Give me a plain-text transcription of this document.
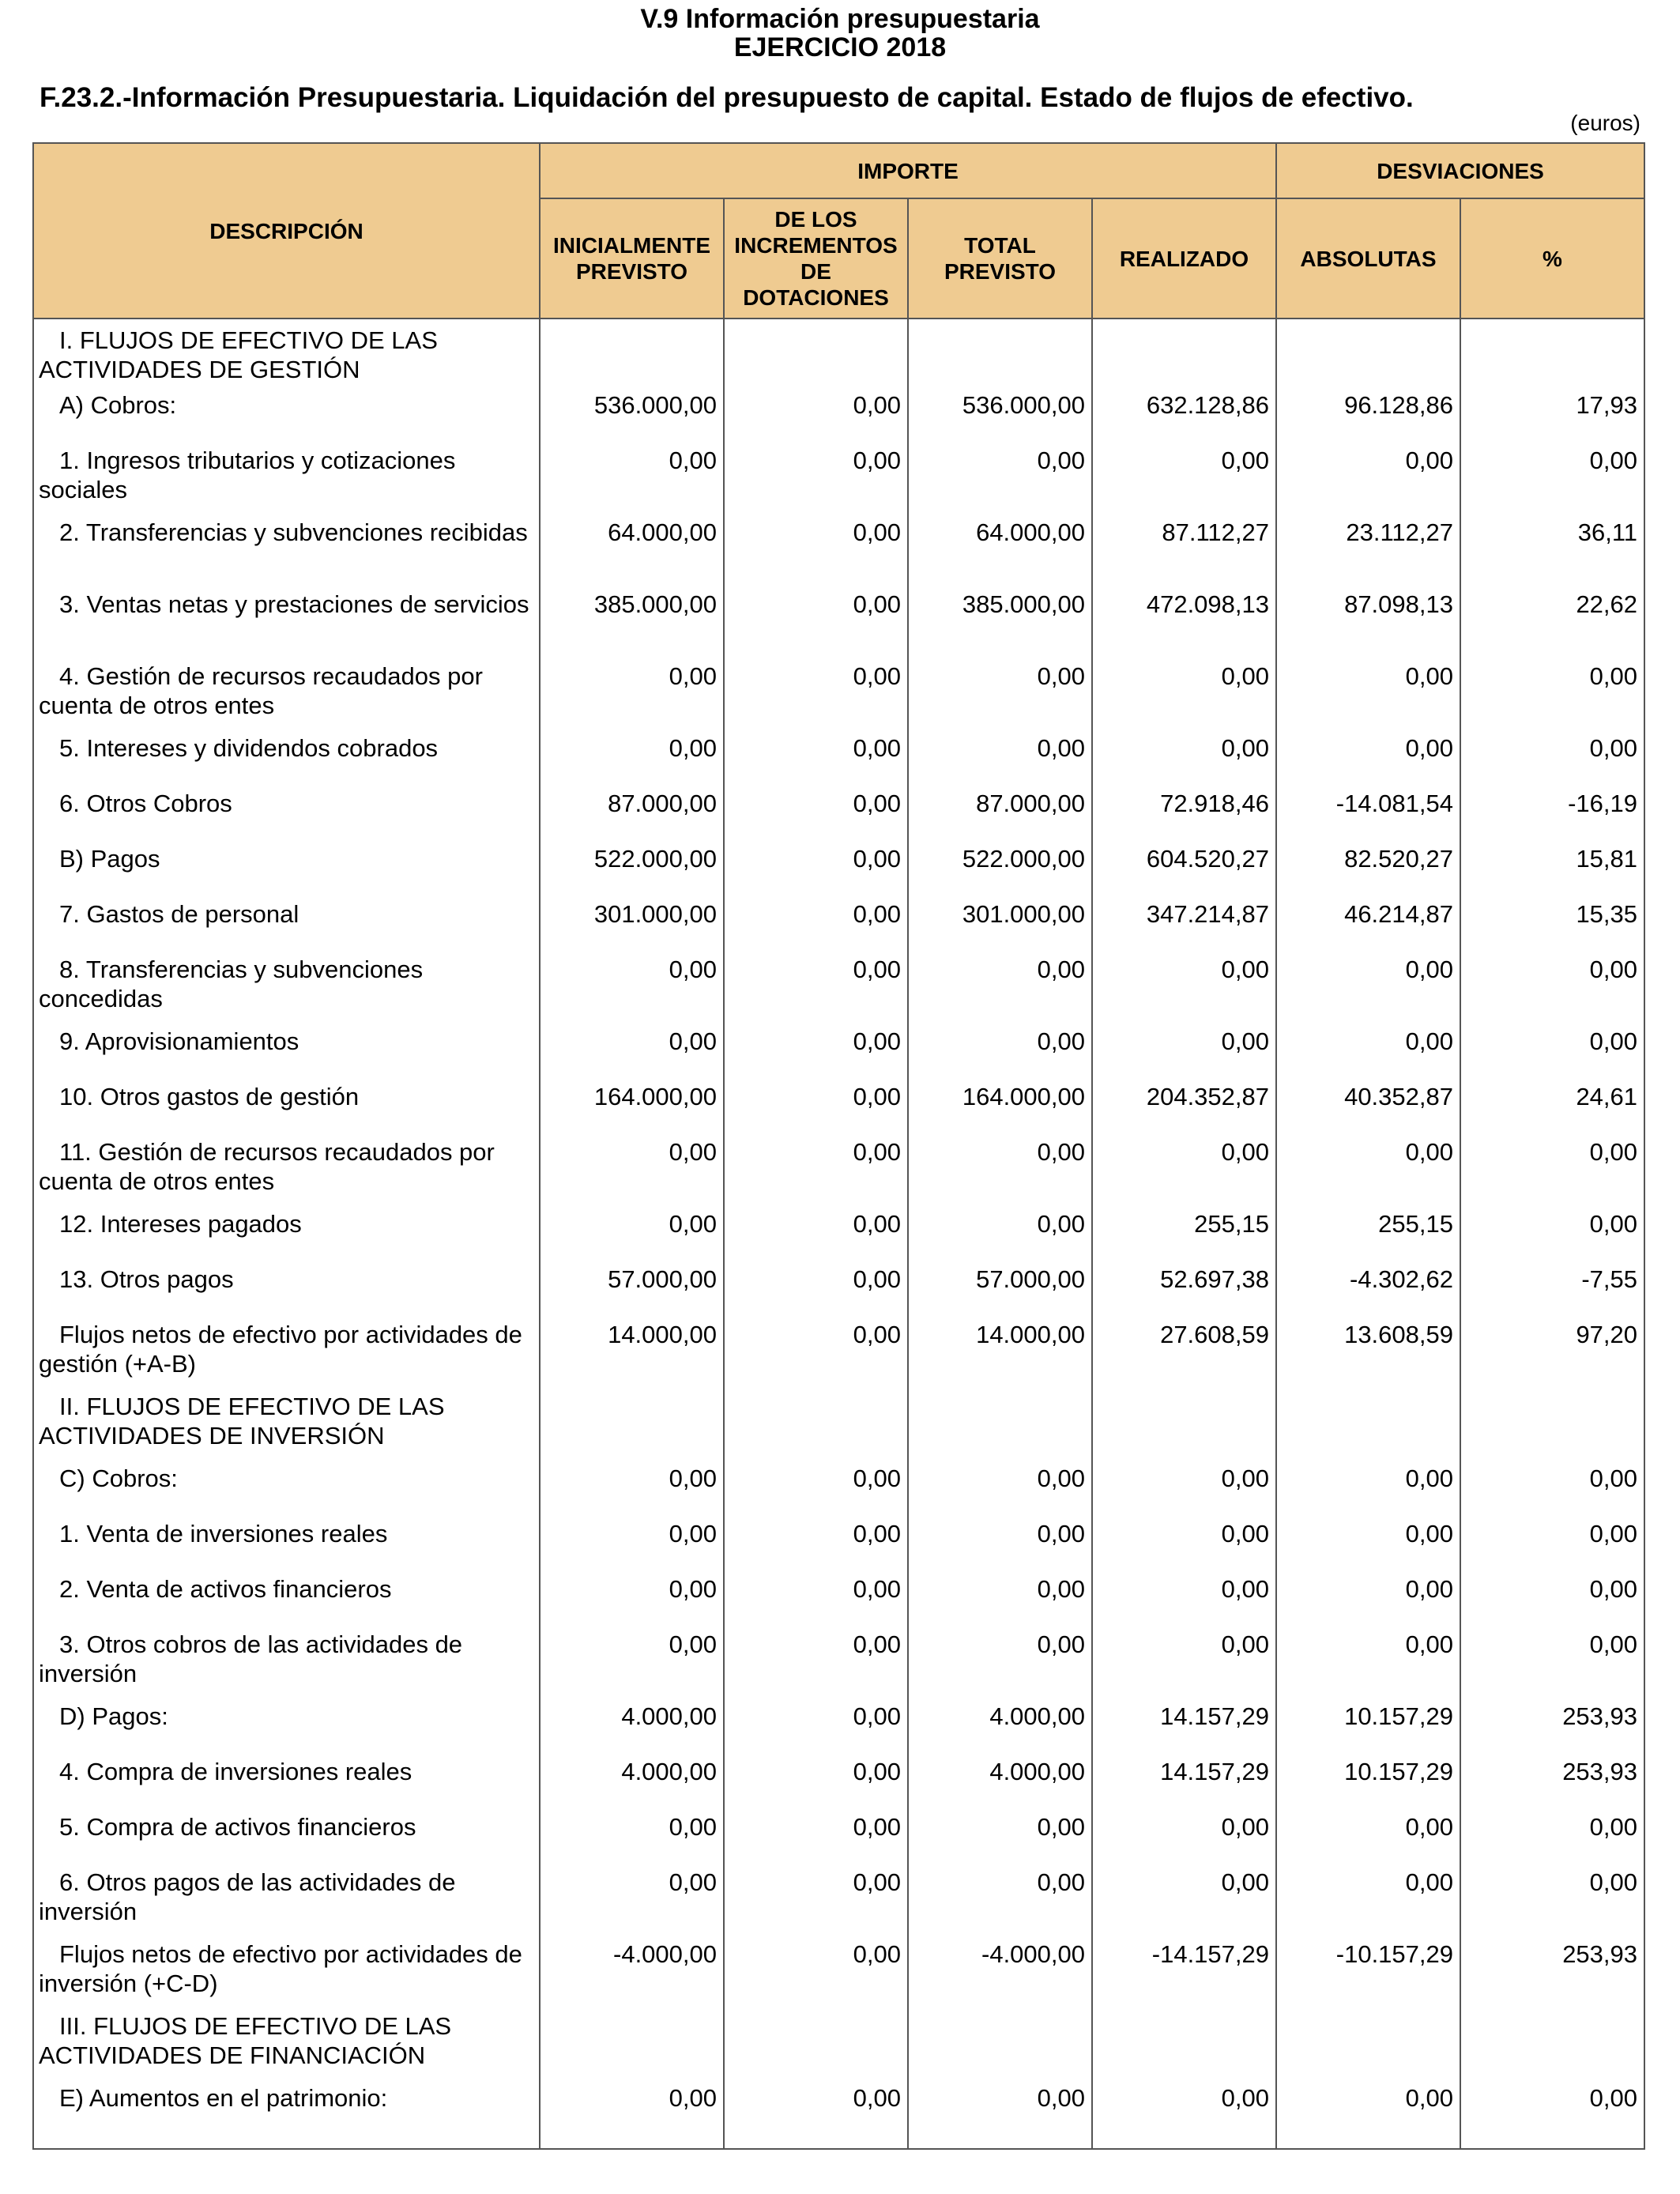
V.9 Información presupuestaria
EJERCICIO 2018
F.23.2.-Información Presupuestaria. Liquidación del presupuesto de capital. Estado de flujos de efectivo.
(euros)
DESCRIPCIÓN	IMPORTE				DESVIACIONES	
	INICIALMENTE PREVISTO	DE LOS INCREMENTOS DE DOTACIONES	TOTAL PREVISTO	REALIZADO	ABSOLUTAS	%
I. FLUJOS DE EFECTIVO DE LAS ACTIVIDADES DE GESTIÓN						
A) Cobros:	536.000,00	0,00	536.000,00	632.128,86	96.128,86	17,93
1. Ingresos tributarios y cotizaciones sociales	0,00	0,00	0,00	0,00	0,00	0,00
2. Transferencias y subvenciones recibidas	64.000,00	0,00	64.000,00	87.112,27	23.112,27	36,11
3. Ventas netas y prestaciones de servicios	385.000,00	0,00	385.000,00	472.098,13	87.098,13	22,62
4. Gestión de recursos recaudados por cuenta de otros entes	0,00	0,00	0,00	0,00	0,00	0,00
5. Intereses y dividendos cobrados	0,00	0,00	0,00	0,00	0,00	0,00
6. Otros Cobros	87.000,00	0,00	87.000,00	72.918,46	-14.081,54	-16,19
B) Pagos	522.000,00	0,00	522.000,00	604.520,27	82.520,27	15,81
7. Gastos de personal	301.000,00	0,00	301.000,00	347.214,87	46.214,87	15,35
8. Transferencias y subvenciones concedidas	0,00	0,00	0,00	0,00	0,00	0,00
9. Aprovisionamientos	0,00	0,00	0,00	0,00	0,00	0,00
10. Otros gastos de gestión	164.000,00	0,00	164.000,00	204.352,87	40.352,87	24,61
11. Gestión de recursos recaudados por cuenta de otros entes	0,00	0,00	0,00	0,00	0,00	0,00
12. Intereses pagados	0,00	0,00	0,00	255,15	255,15	0,00
13. Otros pagos	57.000,00	0,00	57.000,00	52.697,38	-4.302,62	-7,55
Flujos netos de efectivo por actividades de gestión (+A-B)	14.000,00	0,00	14.000,00	27.608,59	13.608,59	97,20
II. FLUJOS DE EFECTIVO DE LAS ACTIVIDADES DE INVERSIÓN						
C) Cobros:	0,00	0,00	0,00	0,00	0,00	0,00
1. Venta de inversiones reales	0,00	0,00	0,00	0,00	0,00	0,00
2. Venta de activos financieros	0,00	0,00	0,00	0,00	0,00	0,00
3. Otros cobros de las actividades de inversión	0,00	0,00	0,00	0,00	0,00	0,00
D) Pagos:	4.000,00	0,00	4.000,00	14.157,29	10.157,29	253,93
4. Compra de inversiones reales	4.000,00	0,00	4.000,00	14.157,29	10.157,29	253,93
5. Compra de activos financieros	0,00	0,00	0,00	0,00	0,00	0,00
6. Otros pagos de las actividades de inversión	0,00	0,00	0,00	0,00	0,00	0,00
Flujos netos de efectivo por actividades de inversión (+C-D)	-4.000,00	0,00	-4.000,00	-14.157,29	-10.157,29	253,93
III. FLUJOS DE EFECTIVO DE LAS ACTIVIDADES DE FINANCIACIÓN						
E) Aumentos en el patrimonio:	0,00	0,00	0,00	0,00	0,00	0,00
